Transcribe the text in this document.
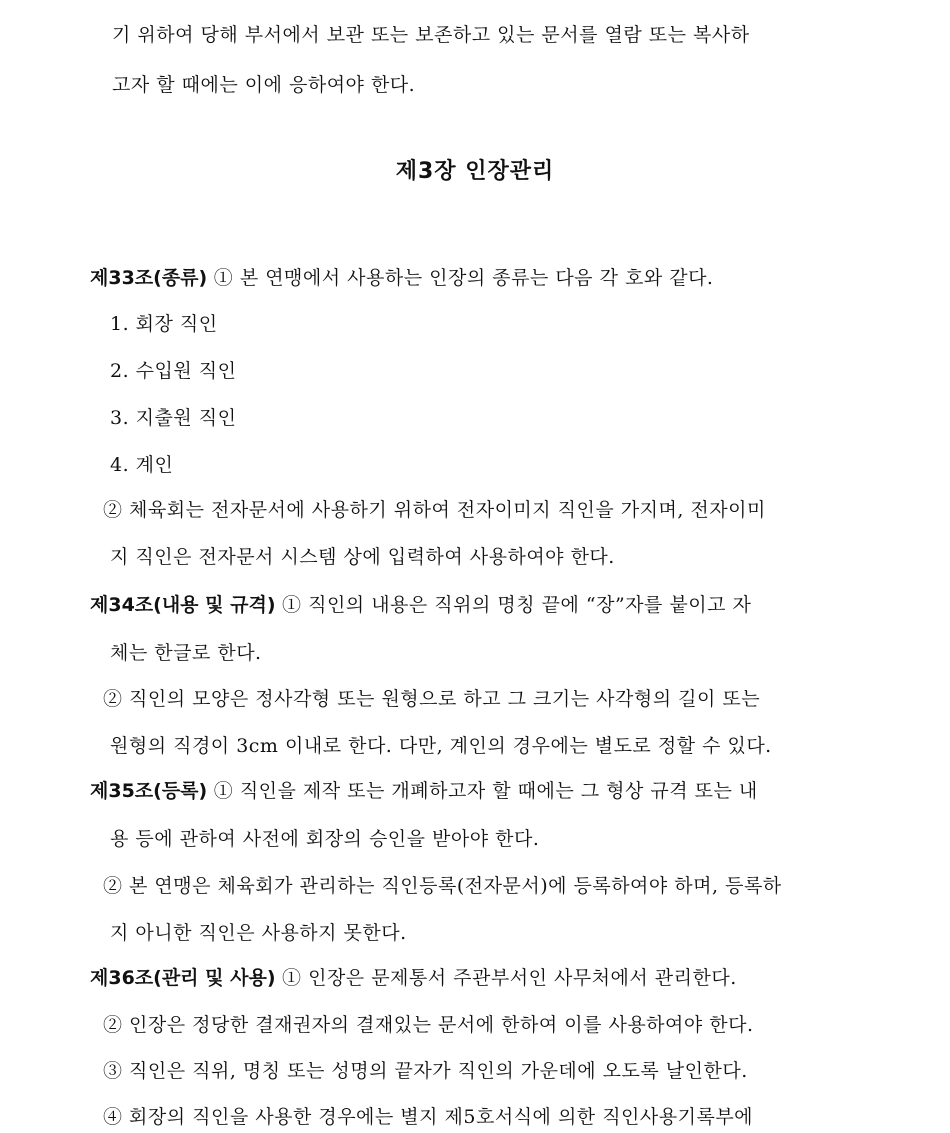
기 위하여 당해 부서에서 보관 또는 보존하고 있는 문서를 열람 또는 복사하
고자 할 때에는 이에 응하여야 한다.
제3장 인장관리
제33조(종류) ① 본 연맹에서 사용하는 인장의 종류는 다음 각 호와 같다.
1. 회장 직인
2. 수입원 직인
3. 지출원 직인
4. 계인
② 체육회는 전자문서에 사용하기 위하여 전자이미지 직인을 가지며, 전자이미
지 직인은 전자문서 시스템 상에 입력하여 사용하여야 한다.
제34조(내용 및 규격) ① 직인의 내용은 직위의 명칭 끝에 “장”자를 붙이고 자
체는 한글로 한다.
② 직인의 모양은 정사각형 또는 원형으로 하고 그 크기는 사각형의 길이 또는
원형의 직경이 3cm 이내로 한다. 다만, 계인의 경우에는 별도로 정할 수 있다.
제35조(등록) ① 직인을 제작 또는 개폐하고자 할 때에는 그 형상 규격 또는 내
용 등에 관하여 사전에 회장의 승인을 받아야 한다.
② 본 연맹은 체육회가 관리하는 직인등록(전자문서)에 등록하여야 하며, 등록하
지 아니한 직인은 사용하지 못한다.
제36조(관리 및 사용) ① 인장은 문제통서 주관부서인 사무처에서 관리한다.
② 인장은 정당한 결재권자의 결재있는 문서에 한하여 이를 사용하여야 한다.
③ 직인은 직위, 명칭 또는 성명의 끝자가 직인의 가운데에 오도록 날인한다.
④ 회장의 직인을 사용한 경우에는 별지 제5호서식에 의한 직인사용기록부에
